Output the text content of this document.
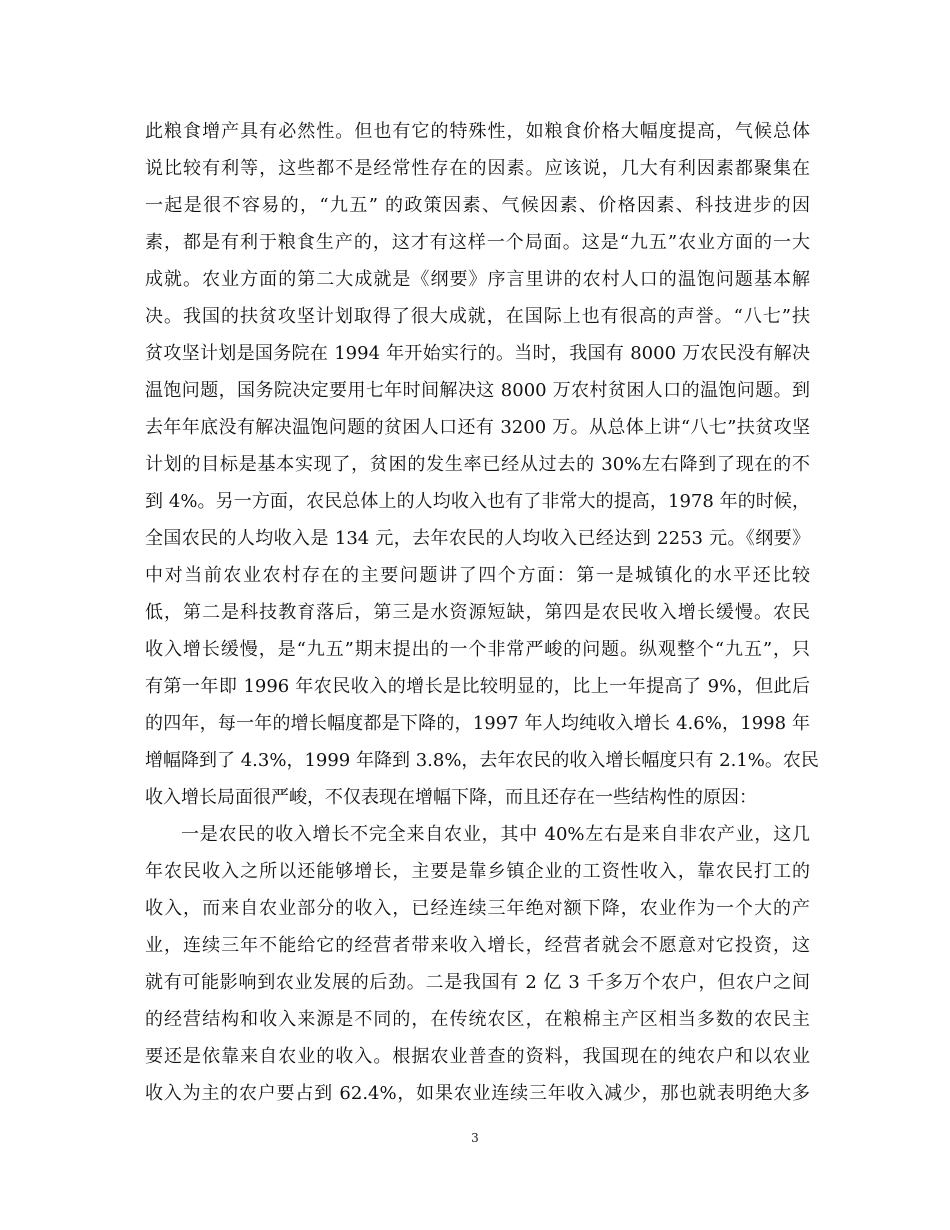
此粮食增产具有必然性。但也有它的特殊性，如粮食价格大幅度提高，气候总体
说比较有利等，这些都不是经常性存在的因素。应该说，几大有利因素都聚集在
一起是很不容易的，“九五” 的政策因素、气候因素、价格因素、科技进步的因
素，都是有利于粮食生产的，这才有这样一个局面。这是“九五”农业方面的一大
成就。农业方面的第二大成就是《纲要》序言里讲的农村人口的温饱问题基本解
决。我国的扶贫攻坚计划取得了很大成就，在国际上也有很高的声誉。“八七”扶
贫攻坚计划是国务院在 1994 年开始实行的。当时，我国有 8000 万农民没有解决
温饱问题，国务院决定要用七年时间解决这 8000 万农村贫困人口的温饱问题。到
去年年底没有解决温饱问题的贫困人口还有 3200 万。从总体上讲“八七”扶贫攻坚
计划的目标是基本实现了，贫困的发生率已经从过去的 30%左右降到了现在的不
到 4%。另一方面，农民总体上的人均收入也有了非常大的提高，1978 年的时候，
全国农民的人均收入是 134 元，去年农民的人均收入已经达到 2253 元。《纲要》
中对当前农业农村存在的主要问题讲了四个方面：第一是城镇化的水平还比较
低，第二是科技教育落后，第三是水资源短缺，第四是农民收入增长缓慢。农民
收入增长缓慢，是“九五”期末提出的一个非常严峻的问题。纵观整个“九五”，只
有第一年即 1996 年农民收入的增长是比较明显的，比上一年提高了 9%，但此后
的四年，每一年的增长幅度都是下降的，1997 年人均纯收入增长 4.6%，1998 年
增幅降到了 4.3%，1999 年降到 3.8%，去年农民的收入增长幅度只有 2.1%。农民
收入增长局面很严峻，不仅表现在增幅下降，而且还存在一些结构性的原因：
一是农民的收入增长不完全来自农业，其中 40%左右是来自非农产业，这几
年农民收入之所以还能够增长，主要是靠乡镇企业的工资性收入，靠农民打工的
收入，而来自农业部分的收入，已经连续三年绝对额下降，农业作为一个大的产
业，连续三年不能给它的经营者带来收入增长，经营者就会不愿意对它投资，这
就有可能影响到农业发展的后劲。二是我国有 2 亿 3 千多万个农户，但农户之间
的经营结构和收入来源是不同的，在传统农区，在粮棉主产区相当多数的农民主
要还是依靠来自农业的收入。根据农业普查的资料，我国现在的纯农户和以农业
收入为主的农户要占到 62.4%，如果农业连续三年收入减少，那也就表明绝大多
3
